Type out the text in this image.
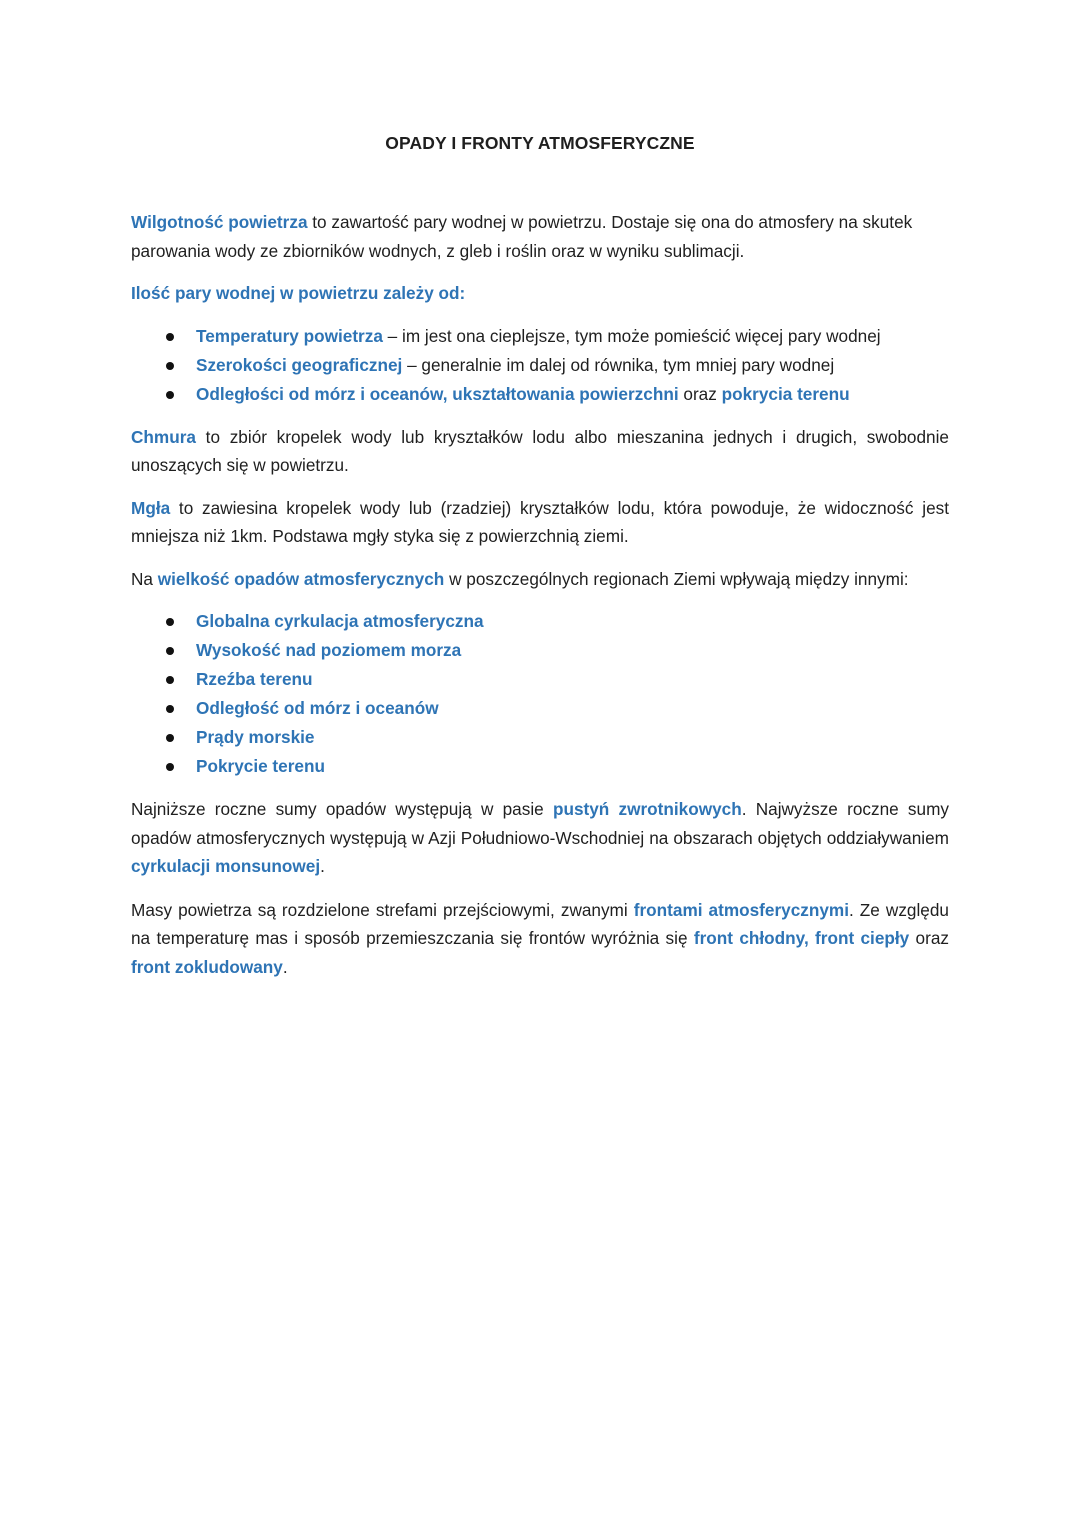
OPADY I FRONTY ATMOSFERYCZNE

Wilgotność powietrza to zawartość pary wodnej w powietrzu. Dostaje się ona do atmosfery na skutek parowania wody ze zbiorników wodnych, z gleb i roślin oraz w wyniku sublimacji.

Ilość pary wodnej w powietrzu zależy od:

Temperatury powietrza – im jest ona cieplejsze, tym może pomieścić więcej pary wodnej
Szerokości geograficznej – generalnie im dalej od równika, tym mniej pary wodnej
Odległości od mórz i oceanów, ukształtowania powierzchni oraz pokrycia terenu

Chmura to zbiór kropelek wody lub kryształków lodu albo mieszanina jednych i drugich, swobodnie unoszących się w powietrzu.

Mgła to zawiesina kropelek wody lub (rzadziej) kryształków lodu, która powoduje, że widoczność jest mniejsza niż 1km. Podstawa mgły styka się z powierzchnią ziemi.

Na wielkość opadów atmosferycznych w poszczególnych regionach Ziemi wpływają między innymi:

Globalna cyrkulacja atmosferyczna
Wysokość nad poziomem morza
Rzeźba terenu
Odległość od mórz i oceanów
Prądy morskie
Pokrycie terenu

Najniższe roczne sumy opadów występują w pasie pustyń zwrotnikowych. Najwyższe roczne sumy opadów atmosferycznych występują w Azji Południowo-Wschodniej na obszarach objętych oddziaływaniem cyrkulacji monsunowej.

Masy powietrza są rozdzielone strefami przejściowymi, zwanymi frontami atmosferycznymi. Ze względu na temperaturę mas i sposób przemieszczania się frontów wyróżnia się front chłodny, front ciepły oraz front zokludowany.
